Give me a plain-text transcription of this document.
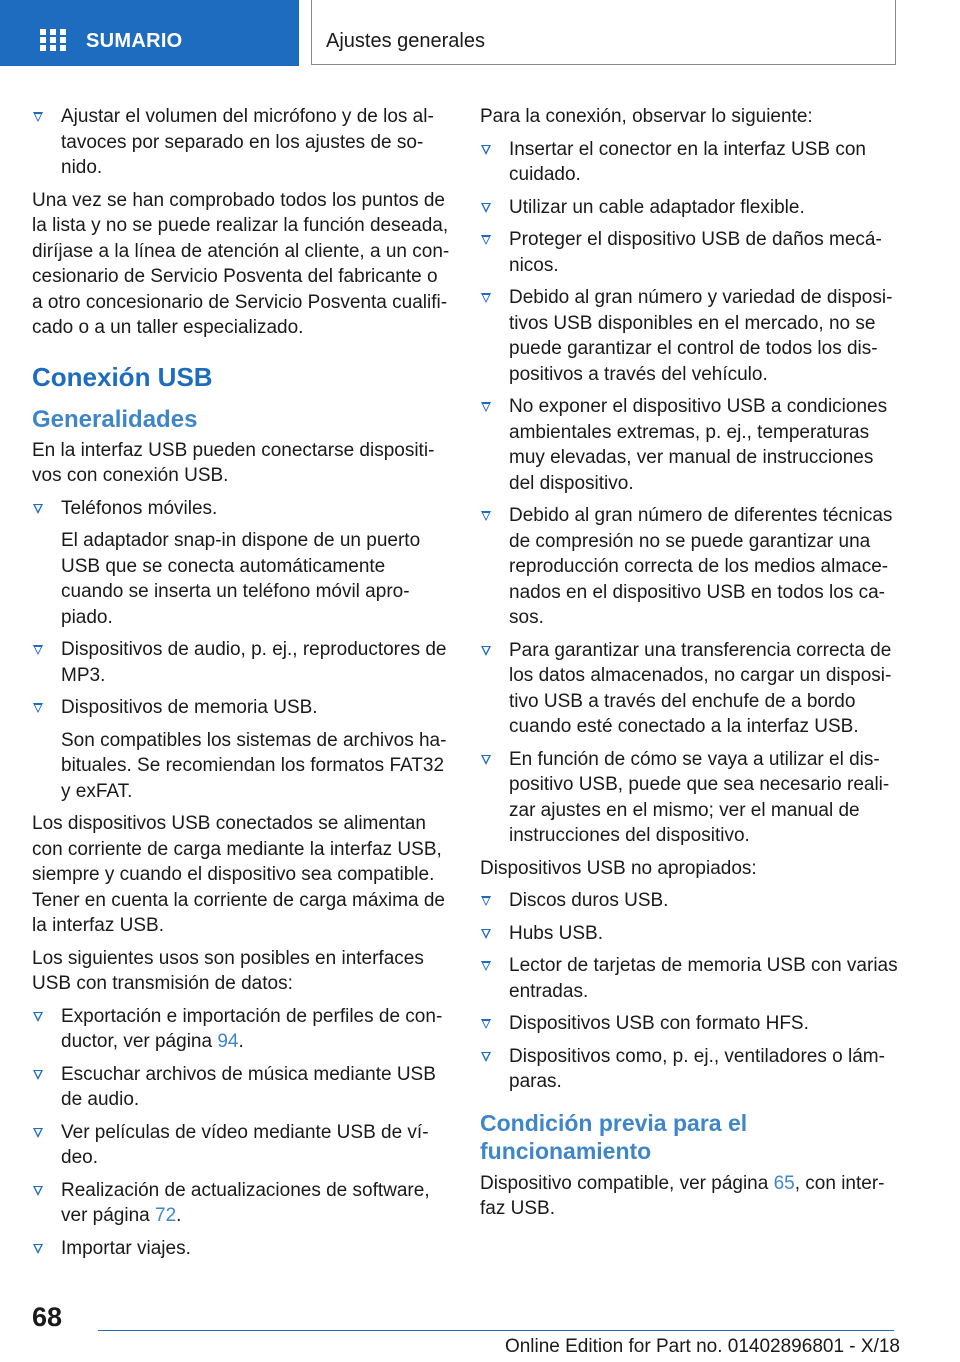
SUMARIO	Ajustes generales
Ajustar el volumen del micrófono y de los altavoces por separado en los ajustes de sonido.

Una vez se han comprobado todos los puntos de la lista y no se puede realizar la función deseada, diríjase a la línea de atención al cliente, a un concesionario de Servicio Posventa del fabricante o a otro concesionario de Servicio Posventa cualificado o a un taller especializado.

Conexión USB
Generalidades

En la interfaz USB pueden conectarse dispositivos con conexión USB.

Teléfonos móviles.
El adaptador snap-in dispone de un puerto USB que se conecta automáticamente cuando se inserta un teléfono móvil apropiado.
Dispositivos de audio, p. ej., reproductores de MP3.
Dispositivos de memoria USB.
Son compatibles los sistemas de archivos habituales. Se recomiendan los formatos FAT32 y exFAT.

Los dispositivos USB conectados se alimentan con corriente de carga mediante la interfaz USB, siempre y cuando el dispositivo sea compatible. Tener en cuenta la corriente de carga máxima de la interfaz USB.

Los siguientes usos son posibles en interfaces USB con transmisión de datos:

Exportación e importación de perfiles de conductor, ver página 94.
Escuchar archivos de música mediante USB de audio.
Ver películas de vídeo mediante USB de vídeo.
Realización de actualizaciones de software, ver página 72.
Importar viajes.

Para la conexión, observar lo siguiente:

Insertar el conector en la interfaz USB con cuidado.
Utilizar un cable adaptador flexible.
Proteger el dispositivo USB de daños mecánicos.
Debido al gran número y variedad de dispositivos USB disponibles en el mercado, no se puede garantizar el control de todos los dispositivos a través del vehículo.
No exponer el dispositivo USB a condiciones ambientales extremas, p. ej., temperaturas muy elevadas, ver manual de instrucciones del dispositivo.
Debido al gran número de diferentes técnicas de compresión no se puede garantizar una reproducción correcta de los medios almacenados en el dispositivo USB en todos los casos.
Para garantizar una transferencia correcta de los datos almacenados, no cargar un dispositivo USB a través del enchufe de a bordo cuando esté conectado a la interfaz USB.
En función de cómo se vaya a utilizar el dispositivo USB, puede que sea necesario realizar ajustes en el mismo; ver el manual de instrucciones del dispositivo.

Dispositivos USB no apropiados:

Discos duros USB.
Hubs USB.
Lector de tarjetas de memoria USB con varias entradas.
Dispositivos USB con formato HFS.
Dispositivos como, p. ej., ventiladores o lámparas.
Condición previa para el funcionamiento

Dispositivo compatible, ver página 65, con interfaz USB.

68
Online Edition for Part no. 01402896801 - X/18
